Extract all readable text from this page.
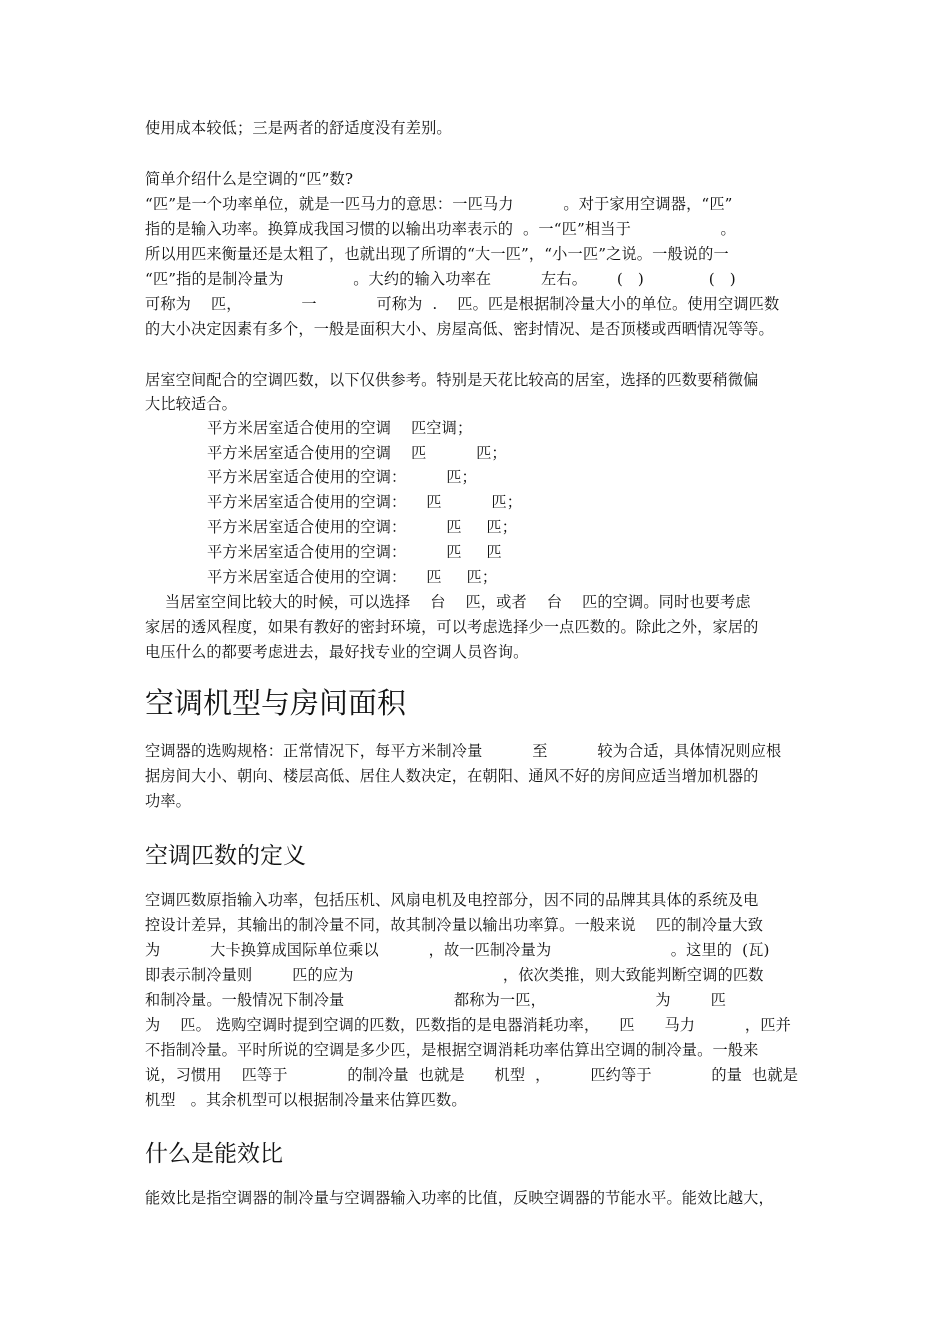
使用成本较低；三是两者的舒适度没有差别。
简单介绍什么是空调的“匹”数?
“匹”是一个功率单位，就是一匹马力的意思：一匹马力          。对于家用空调器，“匹”
指的是输入功率。换算成我国习惯的以输出功率表示的  。一“匹”相当于                  。
所以用匹来衡量还是太粗了，也就出现了所谓的“大一匹”，“小一匹”之说。一般说的一
“匹”指的是制冷量为              。大约的输入功率在          左右。      (   )             (   )
可称为    匹，            一            可称为  .    匹。匹是根据制冷量大小的单位。使用空调匹数
的大小决定因素有多个，一般是面积大小、房屋高低、密封情况、是否顶楼或西晒情况等等。
居室空间配合的空调匹数，以下仅供参考。特别是天花比较高的居室，选择的匹数要稍微偏
大比较适合。
平方米居室适合使用的空调    匹空调；
平方米居室适合使用的空调    匹          匹；
平方米居室适合使用的空调：        匹；
平方米居室适合使用的空调：    匹          匹；
平方米居室适合使用的空调：        匹     匹；
平方米居室适合使用的空调：        匹     匹
平方米居室适合使用的空调：    匹     匹；
当居室空间比较大的时候，可以选择    台    匹，或者    台    匹的空调。同时也要考虑
家居的透风程度，如果有教好的密封环境，可以考虑选择少一点匹数的。除此之外，家居的
电压什么的都要考虑进去，最好找专业的空调人员咨询。
空调机型与房间面积
空调器的选购规格：正常情况下，每平方米制冷量          至          较为合适，具体情况则应根
据房间大小、朝向、楼层高低、居住人数决定，在朝阳、通风不好的房间应适当增加机器的
功率。
空调匹数的定义
空调匹数原指输入功率，包括压机、风扇电机及电控部分，因不同的品牌其具体的系统及电
控设计差异，其输出的制冷量不同，故其制冷量以输出功率算。一般来说    匹的制冷量大致
为          大卡换算成国际单位乘以          ，故一匹制冷量为                        。这里的  (瓦)
即表示制冷量则        匹的应为                              ，依次类推，则大致能判断空调的匹数
和制冷量。一般情况下制冷量                      都称为一匹，                      为        匹
为    匹。 选购空调时提到空调的匹数，匹数指的是电器消耗功率，    匹      马力          ，匹并
不指制冷量。平时所说的空调是多少匹，是根据空调消耗功率估算出空调的制冷量。一般来
说，习惯用    匹等于            的制冷量  也就是      机型  ，        匹约等于            的量  也就是
机型   。其余机型可以根据制冷量来估算匹数。
什么是能效比
能效比是指空调器的制冷量与空调器输入功率的比值，反映空调器的节能水平。能效比越大，
